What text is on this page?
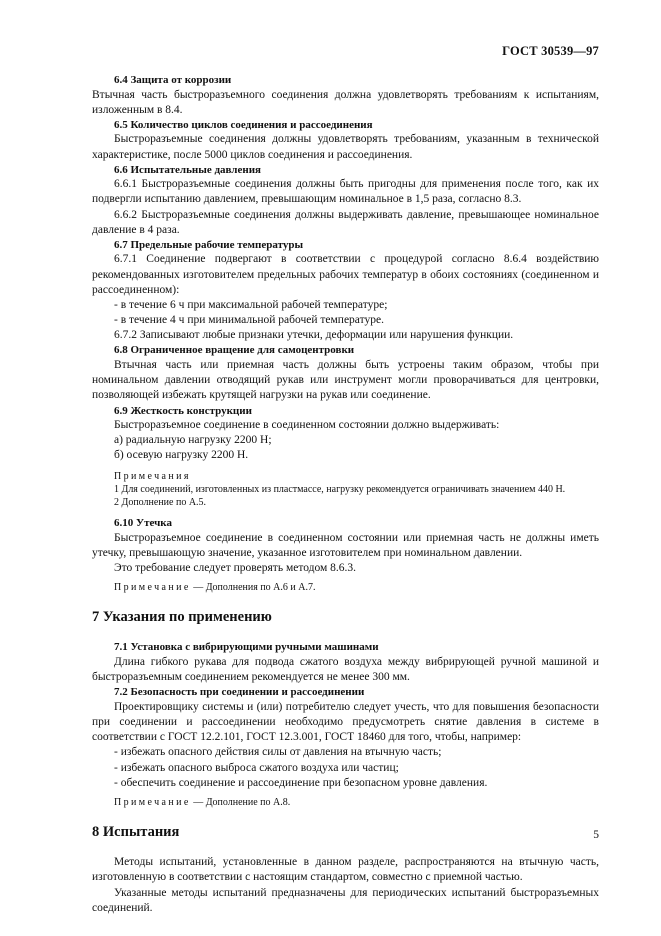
ГОСТ 30539—97
6.4 Защита от коррозии

Втычная часть быстроразъемного соединения должна удовлетворять требованиям к испытаниям, изложенным в 8.4.

6.5 Количество циклов соединения и рассоединения

Быстроразъемные соединения должны удовлетворять требованиям, указанным в технической характеристике, после 5000 циклов соединения и рассоединения.

6.6 Испытательные давления

6.6.1 Быстроразъемные соединения должны быть пригодны для применения после того, как их подвергли испытанию давлением, превышающим номинальное в 1,5 раза, согласно 8.3.

6.6.2 Быстроразъемные соединения должны выдерживать давление, превышающее номинальное давление в 4 раза.

6.7 Предельные рабочие температуры

6.7.1 Соединение подвергают в соответствии с процедурой согласно 8.6.4 воздействию рекомендованных изготовителем предельных рабочих температур в обоих состояниях (соединенном и рассоединенном):

- в течение 6 ч при максимальной рабочей температуре;

- в течение 4 ч при минимальной рабочей температуре.

6.7.2 Записывают любые признаки утечки, деформации или нарушения функции.

6.8 Ограниченное вращение для самоцентровки

Втычная часть или приемная часть должны быть устроены таким образом, чтобы при номинальном давлении отводящий рукав или инструмент могли проворачиваться для центровки, позволяющей избежать крутящей нагрузки на рукав или соединение.

6.9 Жесткость конструкции

Быстроразъемное соединение в соединенном состоянии должно выдерживать:

а) радиальную нагрузку 2200 Н;

б) осевую нагрузку 2200 Н.

Примечания

1 Для соединений, изготовленных из пластмассе, нагрузку рекомендуется ограничивать значением 440 Н.

2 Дополнение по А.5.

6.10 Утечка

Быстроразъемное соединение в соединенном состоянии или приемная часть не должны иметь утечку, превышающую значение, указанное изготовителем при номинальном давлении.

Это требование следует проверять методом 8.6.3.

Примечание — Дополнения по А.6 и А.7.

7 Указания по применению
7.1 Установка с вибрирующими ручными машинами

Длина гибкого рукава для подвода сжатого воздуха между вибрирующей ручной машиной и быстроразъемным соединением рекомендуется не менее 300 мм.

7.2 Безопасность при соединении и рассоединении

Проектировщику системы и (или) потребителю следует учесть, что для повышения безопасности при соединении и рассоединении необходимо предусмотреть снятие давления в системе в соответствии с ГОСТ 12.2.101, ГОСТ 12.3.001, ГОСТ 18460 для того, чтобы, например:

- избежать опасного действия силы от давления на втычную часть;

- избежать опасного выброса сжатого воздуха или частиц;

- обеспечить соединение и рассоединение при безопасном уровне давления.

Примечание — Дополнение по А.8.

8 Испытания

Методы испытаний, установленные в данном разделе, распространяются на втычную часть, изготовленную в соответствии с настоящим стандартом, совместно с приемной частью.

Указанные методы испытаний предназначены для периодических испытаний быстроразъемных соединений.

5
